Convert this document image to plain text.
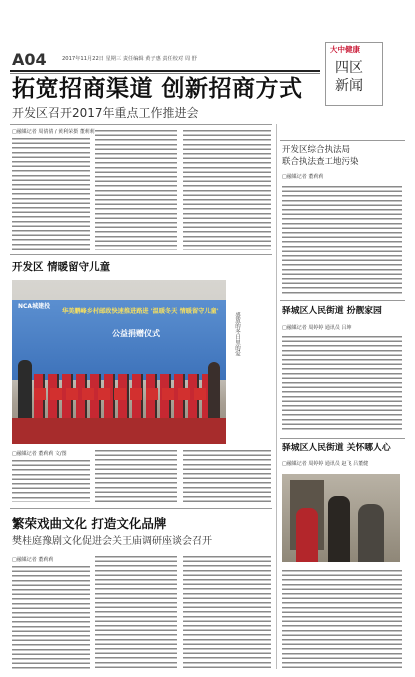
A04	2017年11月22日 星期三 责任编辑 黄子惠 责任校对 周 舒
大中健康
四区新闻
拓宽招商渠道 创新招商方式
开发区召开2017年重点工作推进会
□融媒记者 周倩倩 / 黄利荣摄 董莉莉
开发区 情暖留守儿童
NCA城建投
华美鹏峰乡村邮政快速推进路进 '温暖冬天 情暖留守儿童'
公益捐赠仪式	盛放的冬日里的爱
□融媒记者 董莉莉 文/图
繁荣戏曲文化 打造文化品牌
樊桂庭豫剧文化促进会关王庙调研座谈会召开
□融媒记者 董莉莉
开发区综合执法局
联合执法查工地污染
□融媒记者 董莉莉
驿城区人民街道 扮靓家园
□融媒记者 周婷婷 通讯员 吕坤
驿城区人民街道 关怀哪人心
□融媒记者 周婷婷 通讯员 赵飞 吕董健
